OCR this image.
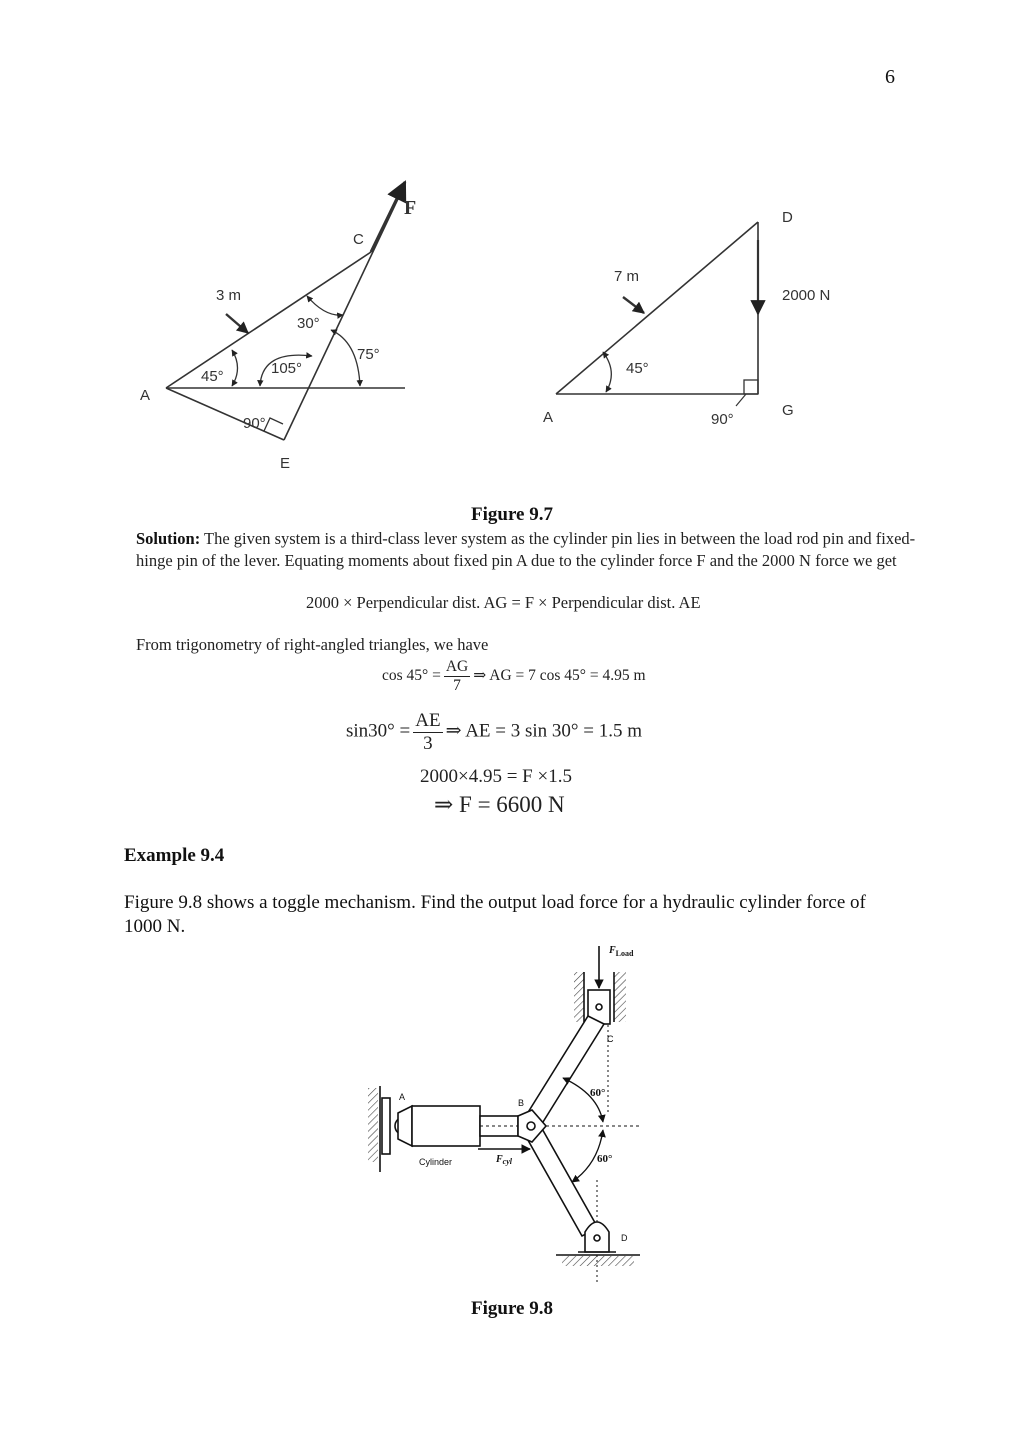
6
F
C
3 m
30°
45°	105°
75°
A
90°
E
D
7 m
2000 N
45°
A	90°
G
Figure 9.7
Solution: The given system is a third-class lever system as the cylinder pin lies in between the load rod pin and fixed-hinge pin of the lever. Equating moments about fixed pin A due to the cylinder force F and the 2000 N force we get
2000 × Perpendicular dist. AG = F × Perpendicular dist. AE
From trigonometry of right-angled triangles, we have
$\cos 45^\circ = \frac{AG}{7}$ ⇒ AG = 7 cos 45° = 4.95 m
$\sin 30^\circ = \frac{AE}{3}$ ⇒ AE = 3 sin 30° = 1.5 m
2000×4.95 = F ×1.5
⇒ F = 6600 N
Example 9.4
Figure 9.8 shows a toggle mechanism. Find the output load force for a hydraulic cylinder force of 1000 N.
$F_{Load}$
C
60°
A
B
60°
Cylinder	$F_{cyl}$
D
Figure 9.8
